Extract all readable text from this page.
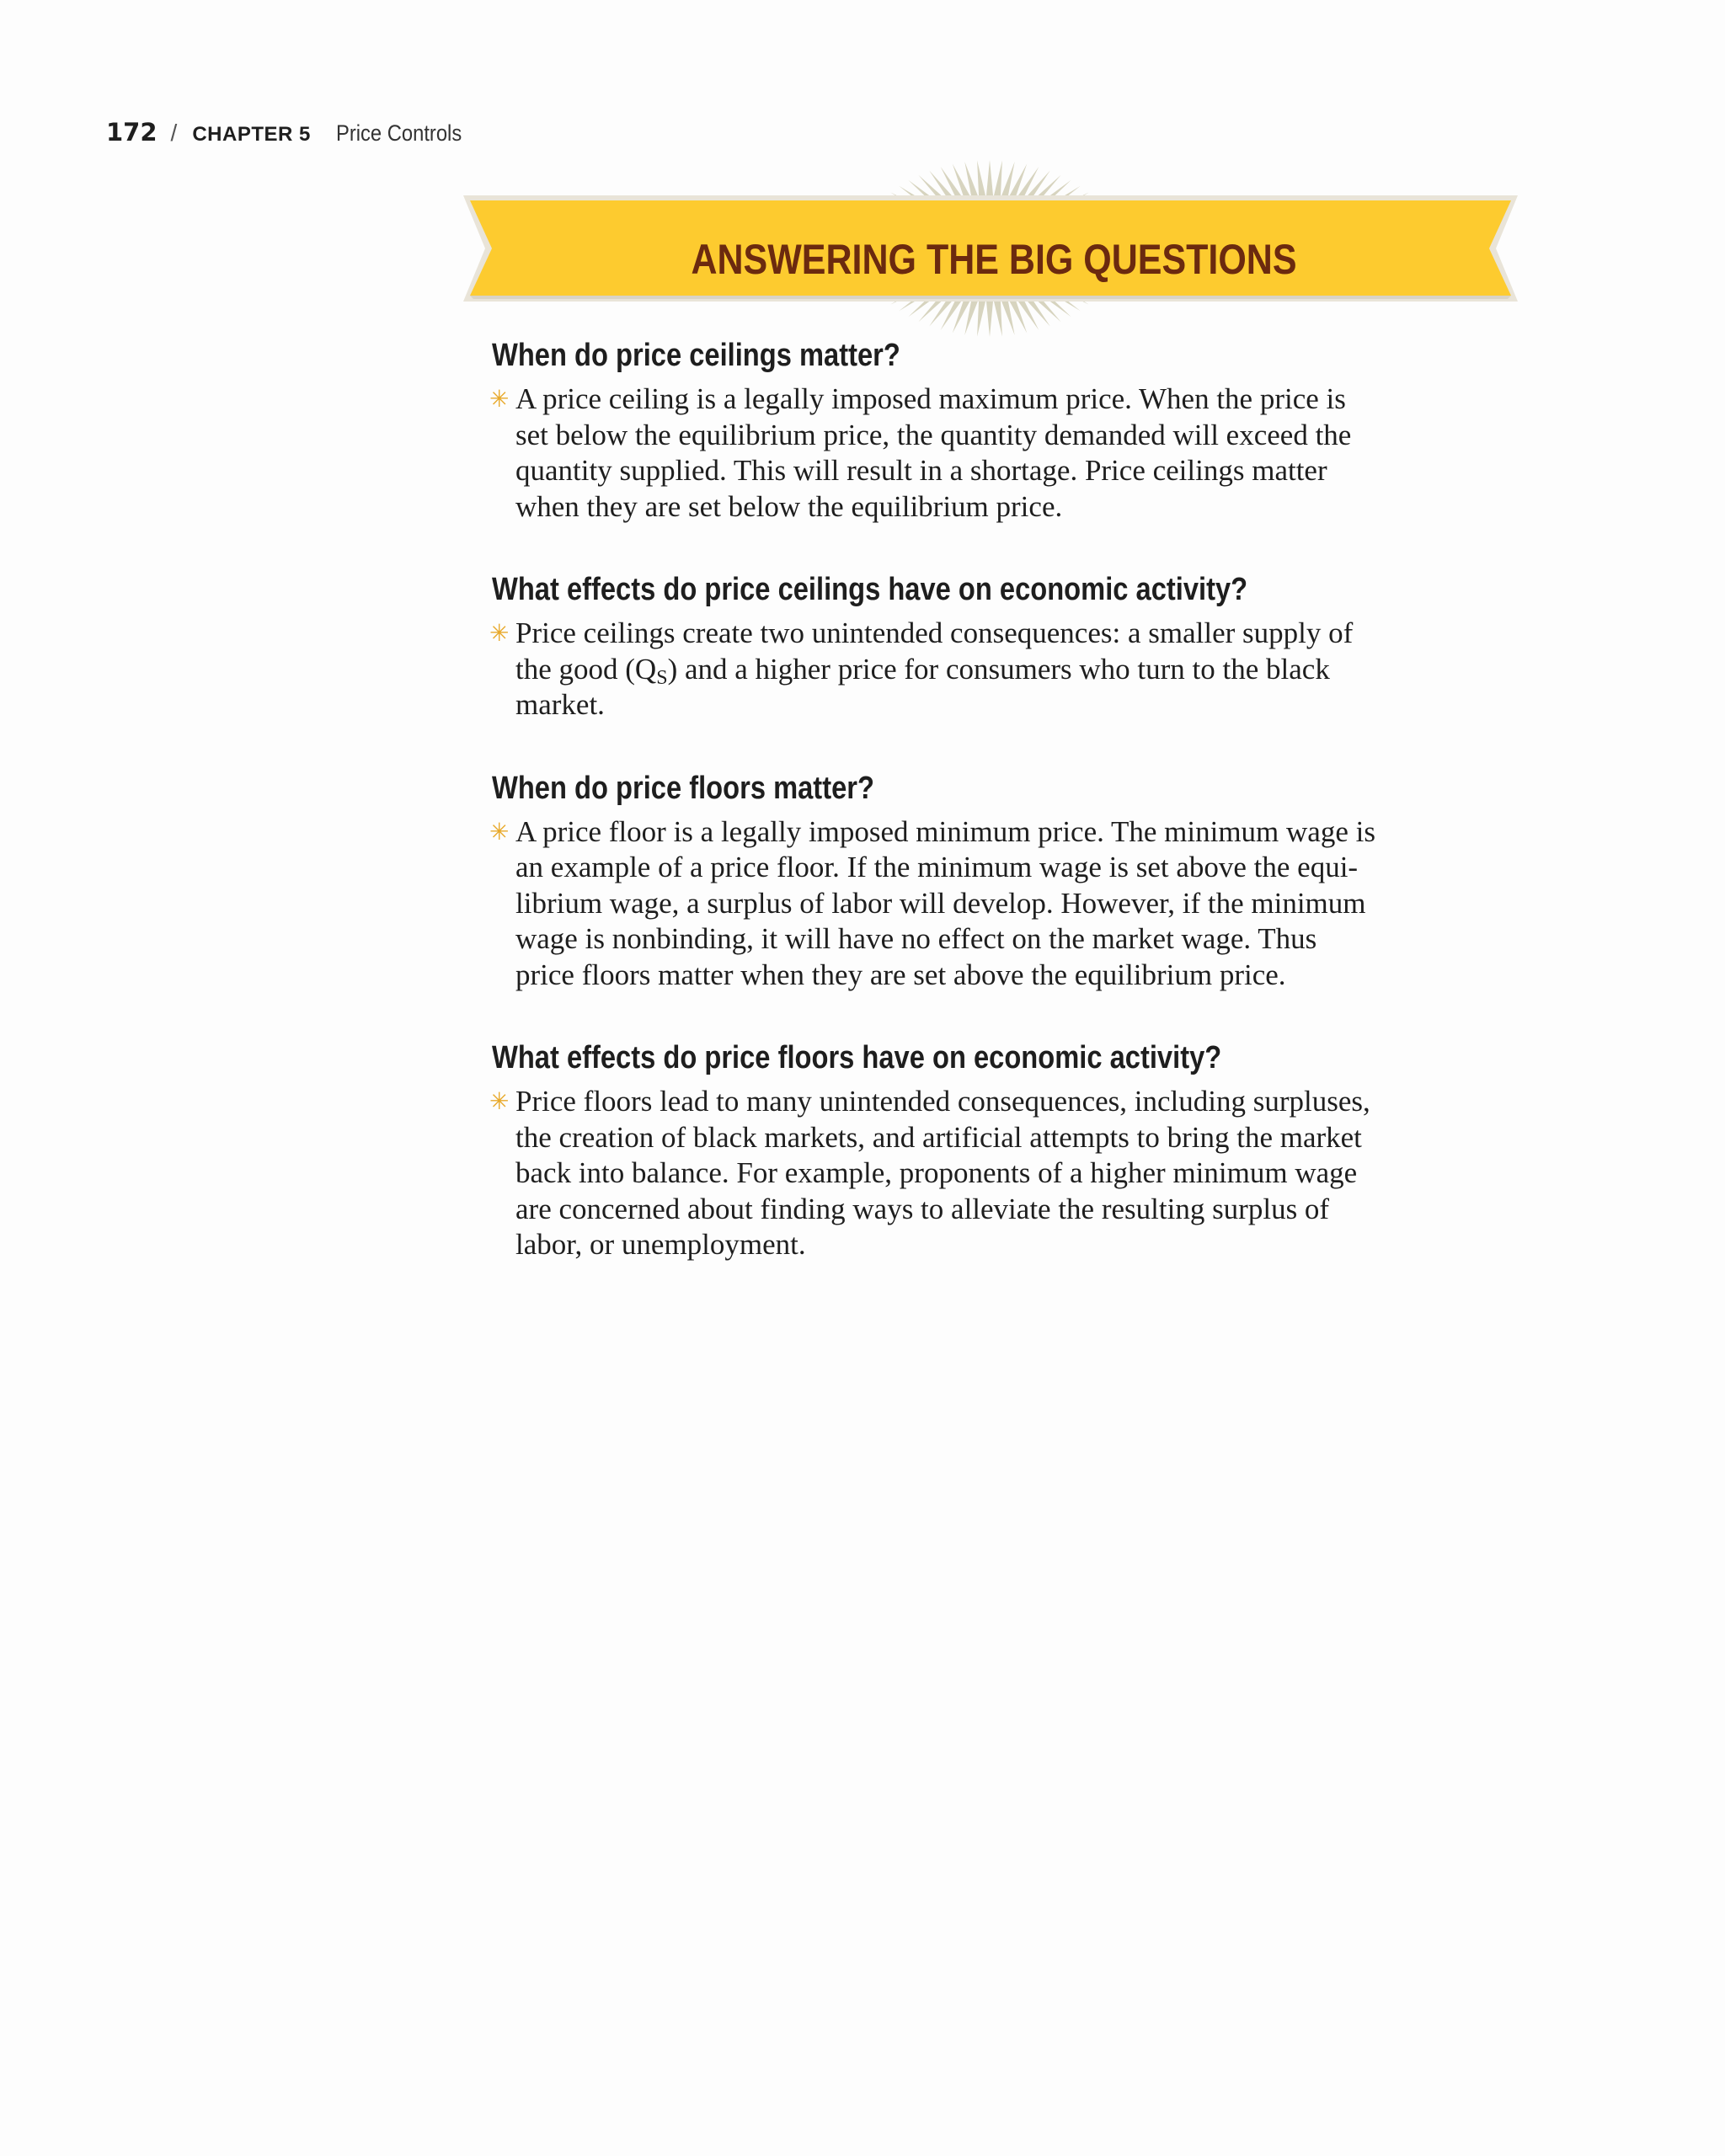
172 / CHAPTER 5 Price Controls
ANSWERING THE BIG QUESTIONS
When do price ceilings matter?
✳ A price ceiling is a legally imposed maximum price. When the price is
set below the equilibrium price, the quantity demanded will exceed the
quantity supplied. This will result in a shortage. Price ceilings matter
when they are set below the equilibrium price.
What effects do price ceilings have on economic activity?
✳ Price ceilings create two unintended consequences: a smaller supply of
the good $(Q_S)$ and a higher price for consumers who turn to the black
market.
When do price floors matter?
✳ A price floor is a legally imposed minimum price. The minimum wage is
an example of a price floor. If the minimum wage is set above the equi-
librium wage, a surplus of labor will develop. However, if the minimum
wage is nonbinding, it will have no effect on the market wage. Thus
price floors matter when they are set above the equilibrium price.
What effects do price floors have on economic activity?
✳ Price floors lead to many unintended consequences, including surpluses,
the creation of black markets, and artificial attempts to bring the market
back into balance. For example, proponents of a higher minimum wage
are concerned about finding ways to alleviate the resulting surplus of
labor, or unemployment.
